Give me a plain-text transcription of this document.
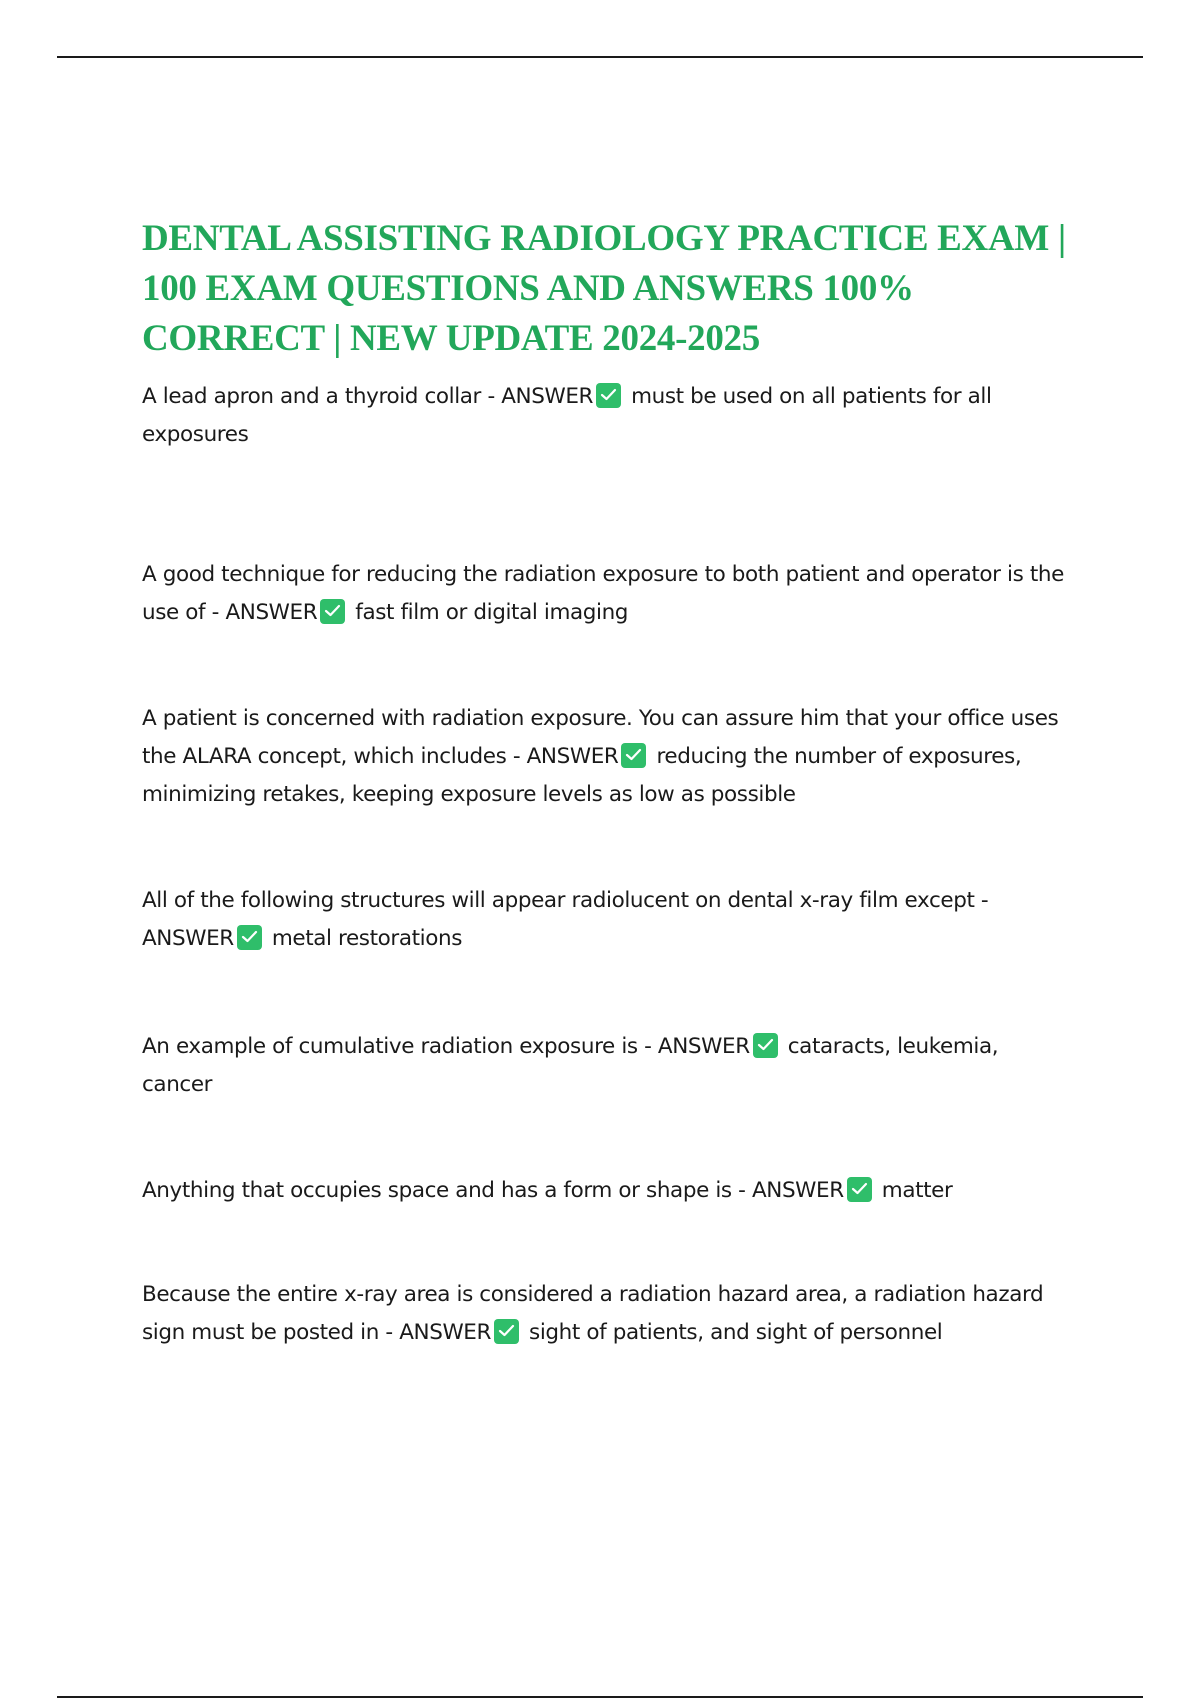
DENTAL ASSISTING RADIOLOGY PRACTICE EXAM | 100 EXAM QUESTIONS AND ANSWERS 100% CORRECT | NEW UPDATE 2024-2025

A lead apron and a thyroid collar - ANSWER must be used on all patients for all exposures

A good technique for reducing the radiation exposure to both patient and operator is the use of - ANSWER fast film or digital imaging

A patient is concerned with radiation exposure. You can assure him that your office uses the ALARA concept, which includes - ANSWER reducing the number of exposures, minimizing retakes, keeping exposure levels as low as possible

All of the following structures will appear radiolucent on dental x-ray film except - ANSWER metal restorations

An example of cumulative radiation exposure is - ANSWER cataracts, leukemia, cancer

Anything that occupies space and has a form or shape is - ANSWER matter

Because the entire x-ray area is considered a radiation hazard area, a radiation hazard sign must be posted in - ANSWER sight of patients, and sight of personnel
